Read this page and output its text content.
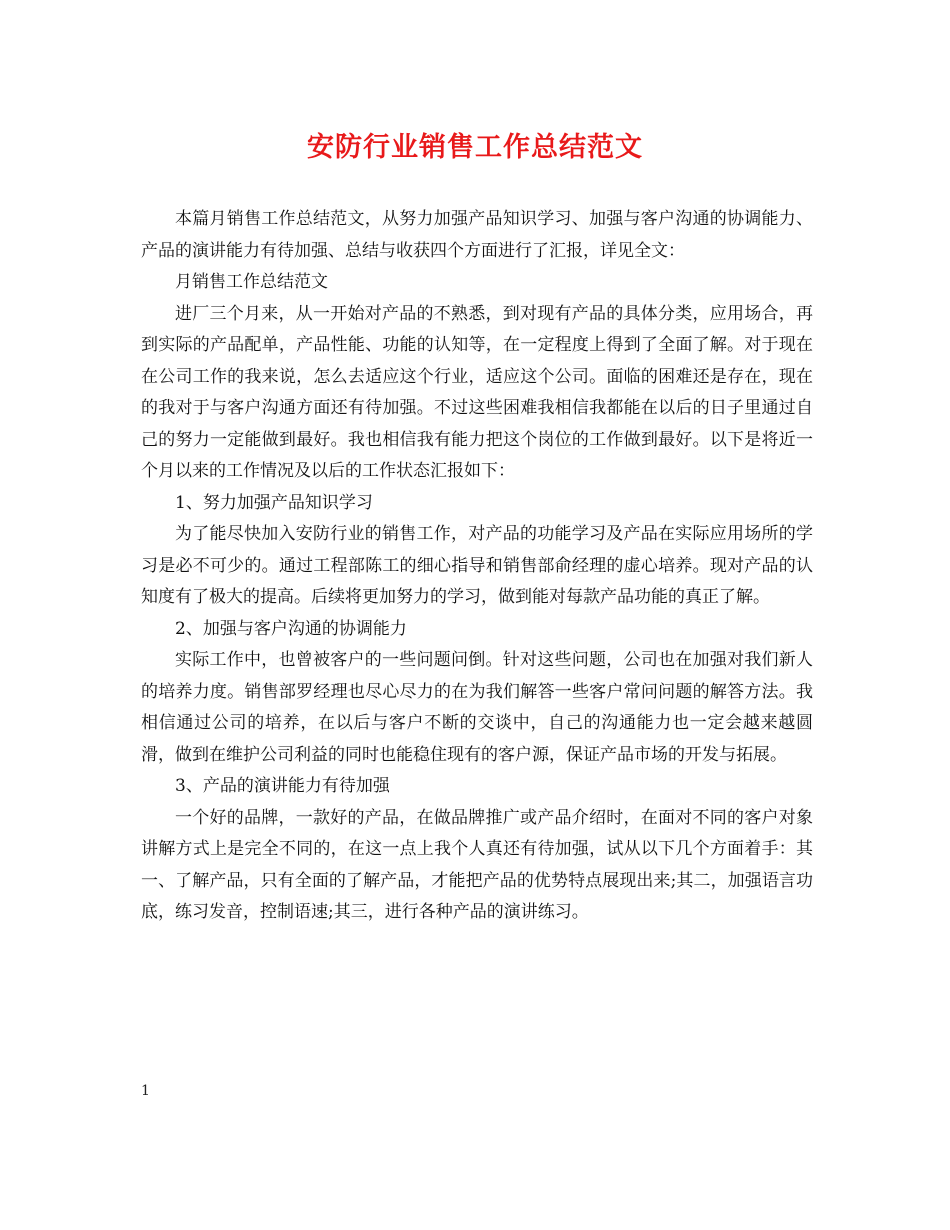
安防行业销售工作总结范文

本篇月销售工作总结范文，从努力加强产品知识学习、加强与客户沟通的协调能力、产品的演讲能力有待加强、总结与收获四个方面进行了汇报，详见全文：

月销售工作总结范文

进厂三个月来，从一开始对产品的不熟悉，到对现有产品的具体分类，应用场合，再到实际的产品配单，产品性能、功能的认知等，在一定程度上得到了全面了解。对于现在在公司工作的我来说，怎么去适应这个行业，适应这个公司。面临的困难还是存在，现在的我对于与客户沟通方面还有待加强。不过这些困难我相信我都能在以后的日子里通过自己的努力一定能做到最好。我也相信我有能力把这个岗位的工作做到最好。以下是将近一个月以来的工作情况及以后的工作状态汇报如下：

1、努力加强产品知识学习

为了能尽快加入安防行业的销售工作，对产品的功能学习及产品在实际应用场所的学习是必不可少的。通过工程部陈工的细心指导和销售部俞经理的虚心培养。现对产品的认知度有了极大的提高。后续将更加努力的学习，做到能对每款产品功能的真正了解。

2、加强与客户沟通的协调能力

实际工作中，也曾被客户的一些问题问倒。针对这些问题，公司也在加强对我们新人的培养力度。销售部罗经理也尽心尽力的在为我们解答一些客户常问问题的解答方法。我相信通过公司的培养，在以后与客户不断的交谈中，自己的沟通能力也一定会越来越圆滑，做到在维护公司利益的同时也能稳住现有的客户源，保证产品市场的开发与拓展。

3、产品的演讲能力有待加强

一个好的品牌，一款好的产品，在做品牌推广或产品介绍时，在面对不同的客户对象讲解方式上是完全不同的，在这一点上我个人真还有待加强，试从以下几个方面着手：其一、了解产品，只有全面的了解产品，才能把产品的优势特点展现出来;其二，加强语言功底，练习发音，控制语速;其三，进行各种产品的演讲练习。

1
